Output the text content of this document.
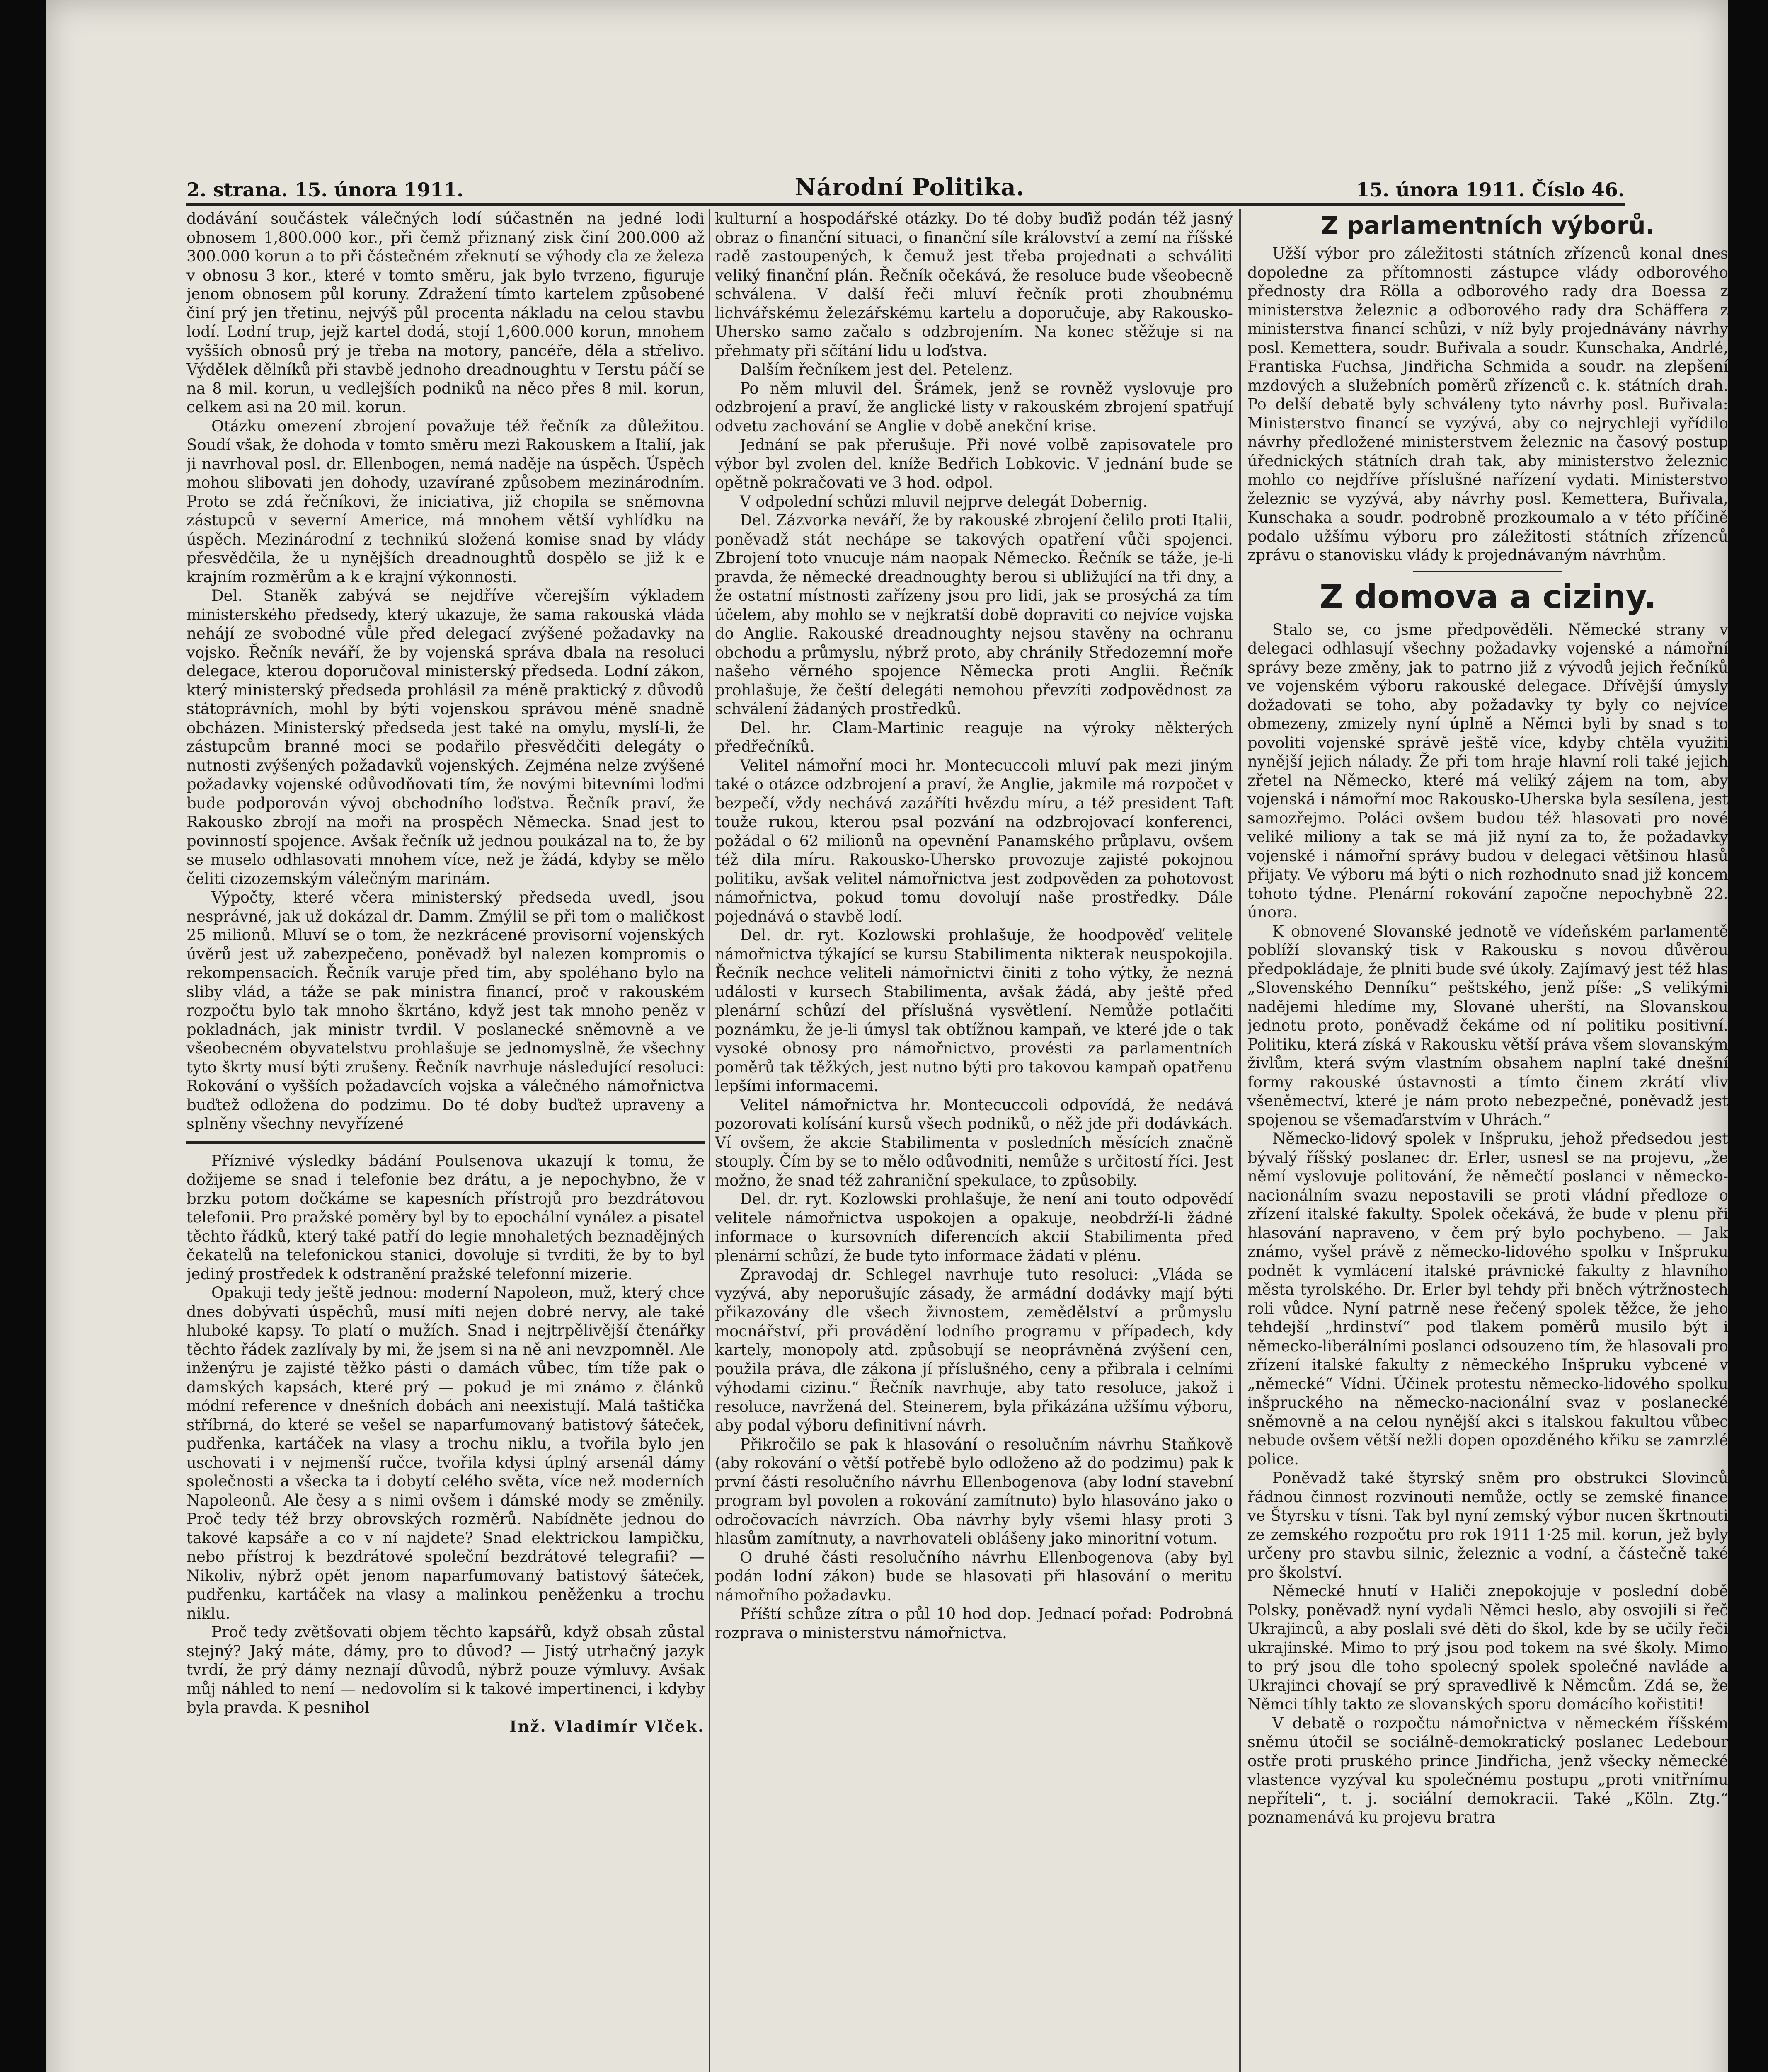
2. strana. 15. února 1911.	Národní Politika.	15. února 1911. Číslo 46.

dodávání součástek válečných lodí súčastněn na jedné lodi obnosem 1,800.000 kor., při čemž přiznaný zisk činí 200.000 až 300.000 korun a to při částečném zřeknutí se výhody cla ze železa v obnosu 3 kor., které v tomto směru, jak bylo tvrzeno, figuruje jenom obnosem půl koruny. Zdražení tímto kartelem způsobené činí prý jen třetinu, nejvýš půl procenta nákladu na celou stavbu lodí. Lodní trup, jejž kartel dodá, stojí 1,600.000 korun, mnohem vyšších obnosů prý je třeba na motory, pancéře, děla a střelivo. Výdělek dělníků při stavbě jednoho dreadnoughtu v Terstu páčí se na 8 mil. korun, u vedlejších podniků na něco přes 8 mil. korun, celkem asi na 20 mil. korun.

Otázku omezení zbrojení považuje též řečník za důležitou. Soudí však, že dohoda v tomto směru mezi Rakouskem a Italií, jak ji navrhoval posl. dr. Ellenbogen, nemá naděje na úspěch. Úspěch mohou slibovati jen dohody, uzavírané způsobem mezinárodním. Proto se zdá řečníkovi, že iniciativa, již chopila se sněmovna zástupců v severní Americe, má mnohem větší vyhlídku na úspěch. Mezinárodní z technikú složená komise snad by vlády přesvědčila, že u nynějších dreadnoughtů dospělo se již k e krajním rozměrům a k e krajní výkonnosti.

Del. Staněk zabývá se nejdříve včerejším výkladem ministerského předsedy, který ukazuje, že sama rakouská vláda nehájí ze svobodné vůle před delegací zvýšené požadavky na vojsko. Řečník neváří, že by vojenská správa dbala na resoluci delegace, kterou doporučoval ministerský předseda. Lodní zákon, který ministerský předseda prohlásil za méně praktický z důvodů státoprávních, mohl by býti vojenskou správou méně snadně obcházen. Ministerský předseda jest také na omylu, myslí-li, že zástupcům branné moci se podařilo přesvědčiti delegáty o nutnosti zvýšených požadavků vojenských. Zejména nelze zvýšené požadavky vojenské odůvodňovati tím, že novými bitevními loďmi bude podporován vývoj obchodního loďstva. Řečník praví, že Rakousko zbrojí na moři na prospěch Německa. Snad jest to povinností spojence. Avšak řečník už jednou poukázal na to, že by se muselo odhlasovati mnohem více, než je žádá, kdyby se mělo čeliti cizozemským válečným marinám.

Výpočty, které včera ministerský předseda uvedl, jsou nesprávné, jak už dokázal dr. Damm. Zmýlil se při tom o maličkost 25 milionů. Mluví se o tom, že nezkrácené provisorní vojenských úvěrů jest už zabezpečeno, poněvadž byl nalezen kompromis o rekompensacích. Řečník varuje před tím, aby spoléhano bylo na sliby vlád, a táže se pak ministra financí, proč v rakouském rozpočtu bylo tak mnoho škrtáno, když jest tak mnoho peněz v pokladnách, jak ministr tvrdil. V poslanecké sněmovně a ve všeobecném obyvatelstvu prohlašuje se jednomyslně, že všechny tyto škrty musí býti zrušeny. Řečník navrhuje následující resoluci: Rokování o vyšších požadavcích vojska a válečného námořnictva buďtež odložena do podzimu. Do té doby buďtež upraveny a splněny všechny nevyřízené

Příznivé výsledky bádání Poulsenova ukazují k tomu, že dožijeme se snad i telefonie bez drátu, a je nepochybno, že v brzku potom dočkáme se kapesních přístrojů pro bezdrátovou telefonii. Pro pražské poměry byl by to epochální vynález a pisatel těchto řádků, který také patří do legie mnohaletých beznadějných čekatelů na telefonickou stanici, dovoluje si tvrditi, že by to byl jediný prostředek k odstranění pražské telefonní mizerie.

Opakuji tedy ještě jednou: moderní Napoleon, muž, který chce dnes dobývati úspěchů, musí míti nejen dobré nervy, ale také hluboké kapsy. To platí o mužích. Snad i nejtrpělivější čtenářky těchto řádek zazlívaly by mi, že jsem si na ně ani nevzpomněl. Ale inženýru je zajisté těžko pásti o damách vůbec, tím tíže pak o damských kapsách, které prý — pokud je mi známo z článků módní reference v dnešních dobách ani neexistují. Malá taštička stříbrná, do které se vešel se naparfumovaný batistový šáteček, pudřenka, kartáček na vlasy a trochu niklu, a tvořila bylo jen uschovati i v nejmenší ručce, tvořila kdysi úplný arsenál dámy společnosti a všecka ta i dobytí celého světa, více než moderních Napoleonů. Ale česy a s nimi ovšem i dámské mody se změnily. Proč tedy též brzy obrovských rozměrů. Nabídněte jednou do takové kapsáře a co v ní najdete? Snad elektrickou lampičku, nebo přístroj k bezdrátové společní bezdrátové telegrafii? — Nikoliv, nýbrž opět jenom naparfumovaný batistový šáteček, pudřenku, kartáček na vlasy a malinkou peněženku a trochu niklu.

Proč tedy zvětšovati objem těchto kapsářů, když obsah zůstal stejný? Jaký máte, dámy, pro to důvod? — Jistý utrhačný jazyk tvrdí, že prý dámy neznají důvodů, nýbrž pouze výmluvy. Avšak můj náhled to není — nedovolím si k takové impertinenci, i kdyby byla pravda. K pesnihol

Inž. Vladimír Vlček.

kulturní a hospodářské otázky. Do té doby buďiž podán též jasný obraz o finanční situaci, o finanční síle království a zemí na říšské radě zastoupených, k čemuž jest třeba projednati a schváliti veliký finanční plán. Řečník očekává, že resoluce bude všeobecně schválena. V další řeči mluví řečník proti zhoubnému lichvářskému železářskému kartelu a doporučuje, aby Rakousko-Uhersko samo začalo s odzbrojením. Na konec stěžuje si na přehmaty při sčítání lidu u loďstva.

Dalším řečníkem jest del. Petelenz.

Po něm mluvil del. Šrámek, jenž se rovněž vyslovuje pro odzbrojení a praví, že anglické listy v rakouském zbrojení spatřují odvetu zachování se Anglie v době anekční krise.

Jednání se pak přerušuje. Při nové volbě zapisovatele pro výbor byl zvolen del. kníže Bedřich Lobkovic. V jednání bude se opětně pokračovati ve 3 hod. odpol.

V odpolední schůzi mluvil nejprve delegát Dobernig.

Del. Zázvorka neváří, že by rakouské zbrojení čelilo proti Italii, poněvadž stát nechápe se takových opatření vůči spojenci. Zbrojení toto vnucuje nám naopak Německo. Řečník se táže, je-li pravda, že německé dreadnoughty berou si ubližující na tři dny, a že ostatní místnosti zařízeny jsou pro lidi, jak se prosýchá za tím účelem, aby mohlo se v nejkratší době dopraviti co nejvíce vojska do Anglie. Rakouské dreadnoughty nejsou stavěny na ochranu obchodu a průmyslu, nýbrž proto, aby chránily Středozemní moře našeho věrného spojence Německa proti Anglii. Řečník prohlašuje, že čeští delegáti nemohou převzíti zodpovědnost za schválení žádaných prostředků.

Del. hr. Clam-Martinic reaguje na výroky některých předřečníků.

Velitel námořní moci hr. Montecuccoli mluví pak mezi jiným také o otázce odzbrojení a praví, že Anglie, jakmile má rozpočet v bezpečí, vždy nechává zazáříti hvězdu míru, a též president Taft touže rukou, kterou psal pozvání na odzbrojovací konferenci, požádal o 62 milionů na opevnění Panamského průplavu, ovšem též dila míru. Rakousko-Uhersko provozuje zajisté pokojnou politiku, avšak velitel námořnictva jest zodpověden za pohotovost námořnictva, pokud tomu dovolují naše prostředky. Dále pojednává o stavbě lodí.

Del. dr. ryt. Kozlowski prohlašuje, že hoodpověď velitele námořnictva týkající se kursu Stabilimenta nikterak neuspokojila. Řečník nechce veliteli námořnictvi činiti z toho výtky, že nezná události v kursech Stabilimenta, avšak žádá, aby ještě před plenární schůzí del příslušná vysvětlení. Nemůže potlačiti poznámku, že je-li úmysl tak obtížnou kampaň, ve které jde o tak vysoké obnosy pro námořnictvo, provésti za parlamentních poměrů tak těžkých, jest nutno býti pro takovou kampaň opatřenu lepšími informacemi.

Velitel námořnictva hr. Montecuccoli odpovídá, že nedává pozorovati kolísání kursů všech podniků, o něž jde při dodávkách. Ví ovšem, že akcie Stabilimenta v posledních měsících značně stouply. Čím by se to mělo odůvodniti, nemůže s určitostí říci. Jest možno, že snad též zahraniční spekulace, to způsobily.

Del. dr. ryt. Kozlowski prohlašuje, že není ani touto odpovědí velitele námořnictva uspokojen a opakuje, neobdrží-li žádné informace o kursovních diferencích akcií Stabilimenta před plenární schůzí, že bude tyto informace žádati v plénu.

Zpravodaj dr. Schlegel navrhuje tuto resoluci: „Vláda se vyzývá, aby neporušujíc zásady, že armádní dodávky mají býti přikazovány dle všech živnostem, zemědělství a průmyslu mocnářství, při provádění lodního programu v případech, kdy kartely, monopoly atd. způsobují se neoprávněná zvýšení cen, použila práva, dle zákona jí příslušného, ceny a přibrala i celními výhodami cizinu.“ Řečník navrhuje, aby tato resoluce, jakož i resoluce, navržená del. Steinerem, byla přikázána užšímu výboru, aby podal výboru definitivní návrh.

Přikročilo se pak k hlasování o resolučním návrhu Staňkově (aby rokování o větší potřebě bylo odloženo až do podzimu) pak k první části resolučního návrhu Ellenbogenova (aby lodní stavební program byl povolen a rokování zamítnuto) bylo hlasováno jako o odročovacích návrzích. Oba návrhy byly všemi hlasy proti 3 hlasům zamítnuty, a navrhovateli oblášeny jako minoritní votum.

O druhé části resolučního návrhu Ellenbogenova (aby byl podán lodní zákon) bude se hlasovati při hlasování o meritu námořního požadavku.

Příští schůze zítra o půl 10 hod dop. Jednací pořad: Podrobná rozprava o ministerstvu námořnictva.

Z parlamentních výborů.

Užší výbor pro záležitosti státních zřízenců konal dnes dopoledne za přítomnosti zástupce vlády odborového přednosty dra Rölla a odborového rady dra Boessa z ministerstva železnic a odborového rady dra Schäffera z ministerstva financí schůzi, v níž byly projednávány návrhy posl. Kemettera, soudr. Buřivala a soudr. Kunschaka, Andrlé, Frantiska Fuchsa, Jindřicha Schmida a soudr. na zlepšení mzdových a služebních poměrů zřízenců c. k. státních drah. Po delší debatě byly schváleny tyto návrhy posl. Buřivala: Ministerstvo financí se vyzývá, aby co nejrychleji vyřídilo návrhy předložené ministerstvem železnic na časový postup úřednických státních drah tak, aby ministerstvo železnic mohlo co nejdříve příslušné nařízení vydati. Ministerstvo železnic se vyzývá, aby návrhy posl. Kemettera, Buřivala, Kunschaka a soudr. podrobně prozkoumalo a v této příčině podalo užšímu výboru pro záležitosti státních zřízenců zprávu o stanovisku vlády k projednávaným návrhům.

Z domova a ciziny.

Stalo se, co jsme předpověděli. Německé strany v delegaci odhlasují všechny požadavky vojenské a námořní správy beze změny, jak to patrno již z vývodů jejich řečníků ve vojenském výboru rakouské delegace. Dřívější úmysly dožadovati se toho, aby požadavky ty byly co nejvíce obmezeny, zmizely nyní úplně a Němci byli by snad s to povoliti vojenské správě ještě více, kdyby chtěla využiti nynější jejich nálady. Že při tom hraje hlavní roli také jejich zřetel na Německo, které má veliký zájem na tom, aby vojenská i námořní moc Rakousko-Uherska byla sesílena, jest samozřejmo. Poláci ovšem budou též hlasovati pro nové veliké miliony a tak se má již nyní za to, že požadavky vojenské i námořní správy budou v delegaci většinou hlasů přijaty. Ve výboru má býti o nich rozhodnuto snad již koncem tohoto týdne. Plenární rokování započne nepochybně 22. února.

K obnovené Slovanské jednotě ve vídeňském parlamentě poblíží slovanský tisk v Rakousku s novou důvěrou předpokládaje, že plniti bude své úkoly. Zajímavý jest též hlas „Slovenského Denníku“ peštského, jenž píše: „S velikými nadějemi hledíme my, Slované uherští, na Slovanskou jednotu proto, poněvadž čekáme od ní politiku positivní. Politiku, která získá v Rakousku větší práva všem slovanským živlům, která svým vlastním obsahem naplní také dnešní formy rakouské ústavnosti a tímto činem zkrátí vliv všeněmectví, které je nám proto nebezpečné, poněvadž jest spojenou se všemaďarstvím v Uhrách.“

Německo-lidový spolek v Inšpruku, jehož předsedou jest bývalý říšský poslanec dr. Erler, usnesl se na projevu, „že němí vyslovuje politování, že němečtí poslanci v německo-nacionálním svazu nepostavili se proti vládní předloze o zřízení italské fakulty. Spolek očekává, že bude v plenu při hlasování napraveno, v čem prý bylo pochybeno. — Jak známo, vyšel právě z německo-lidového spolku v Inšpruku podnět k vymlácení italské právnické fakulty z hlavního města tyrolského. Dr. Erler byl tehdy při bněch výtržnostech roli vůdce. Nyní patrně nese řečený spolek těžce, že jeho tehdejší „hrdinství“ pod tlakem poměrů musilo být i německo-liberálními poslanci odsouzeno tím, že hlasovali pro zřízení italské fakulty z německého Inšpruku vybcené v „německé“ Vídni. Účinek protestu německo-lidového spolku inšpruckého na německo-nacionální svaz v poslanecké sněmovně a na celou nynější akci s italskou fakultou vůbec nebude ovšem větší nežli dopen opozděného křiku se zamrzlé police.

Poněvadž také štyrský sněm pro obstrukci Slovinců řádnou činnost rozvinouti nemůže, octly se zemské finance ve Štyrsku v tísni. Tak byl nyní zemský výbor nucen škrtnouti ze zemského rozpočtu pro rok 1911 1·25 mil. korun, jež byly určeny pro stavbu silnic, železnic a vodní, a částečně také pro školství.

Německé hnutí v Haliči znepokojuje v poslední době Polsky, poněvadž nyní vydali Němci heslo, aby osvojili si řeč Ukrajinců, a aby poslali své děti do škol, kde by se učily řeči ukrajinské. Mimo to prý jsou pod tokem na své školy. Mimo to prý jsou dle toho spolecný spolek společné navláde a Ukrajinci chovají se prý spravedlivě k Němcům. Zdá se, že Němci tíhly takto ze slovanských sporu domácího kořistiti!

V debatě o rozpočtu námořnictva v německém říšském sněmu útočil se sociálně-demokratický poslanec Ledebour ostře proti pruského prince Jindřicha, jenž všecky německé vlastence vyzýval ku společnému postupu „proti vnitřnímu nepříteli“, t. j. sociální demokracii. Také „Köln. Ztg.“ poznamenává ku projevu bratra
